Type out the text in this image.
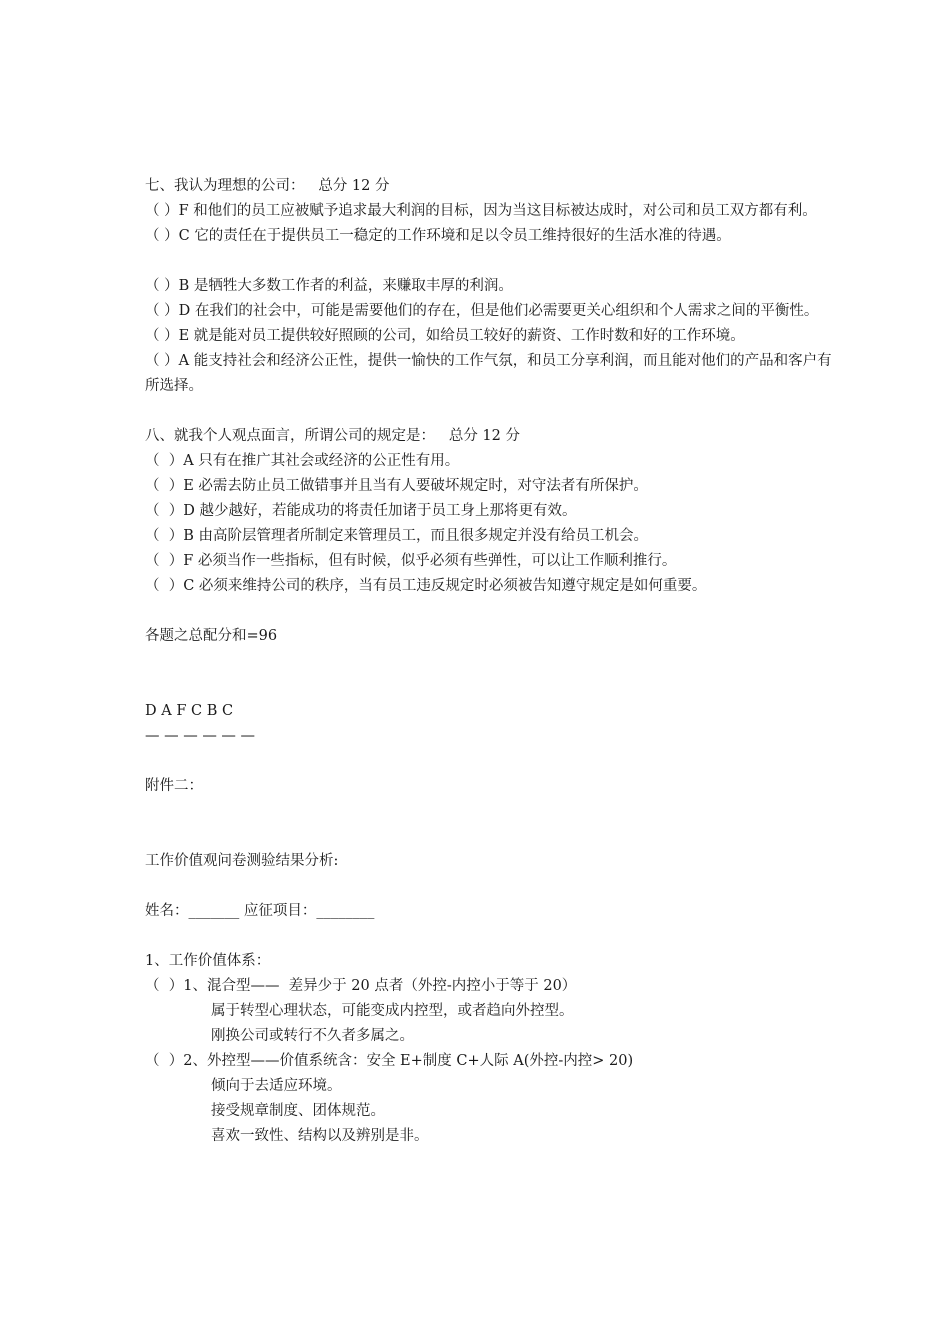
七、我认为理想的公司：   总分 12 分
（ ）F 和他们的员工应被赋予追求最大利润的目标，因为当这目标被达成时，对公司和员工双方都有利。
（ ）C 它的责任在于提供员工一稳定的工作环境和足以令员工维持很好的生活水准的待遇。
（ ）B 是牺牲大多数工作者的利益，来赚取丰厚的利润。
（ ）D 在我们的社会中，可能是需要他们的存在，但是他们必需要更关心组织和个人需求之间的平衡性。
（ ）E 就是能对员工提供较好照顾的公司，如给员工较好的薪资、工作时数和好的工作环境。
（ ）A 能支持社会和经济公正性，提供一愉快的工作气氛，和员工分享利润，而且能对他们的产品和客户有所选择。
八、就我个人观点面言，所谓公司的规定是：   总分 12 分
（  ）A 只有在推广其社会或经济的公正性有用。
（  ）E 必需去防止员工做错事并且当有人要破坏规定时，对守法者有所保护。
（  ）D 越少越好，若能成功的将责任加诸于员工身上那将更有效。
（  ）B 由高阶层管理者所制定来管理员工，而且很多规定并没有给员工机会。
（  ）F 必须当作一些指标，但有时候，似乎必须有些弹性，可以让工作顺利推行。
（  ）C 必须来维持公司的秩序，当有员工违反规定时必须被告知遵守规定是如何重要。
各题之总配分和=96
D A F C B C
— — — — — —
附件二：
工作价值观问卷测验结果分析:
姓名：_______ 应征项目：________
1、工作价值体系：
（  ）1、混合型——  差异少于 20 点者（外控-内控小于等于 20）
属于转型心理状态，可能变成内控型，或者趋向外控型。
刚换公司或转行不久者多属之。
（  ）2、外控型——价值系统含：安全 E+制度 C+人际 A(外控-内控> 20)
倾向于去适应环境。
接受规章制度、团体规范。
喜欢一致性、结构以及辨别是非。
